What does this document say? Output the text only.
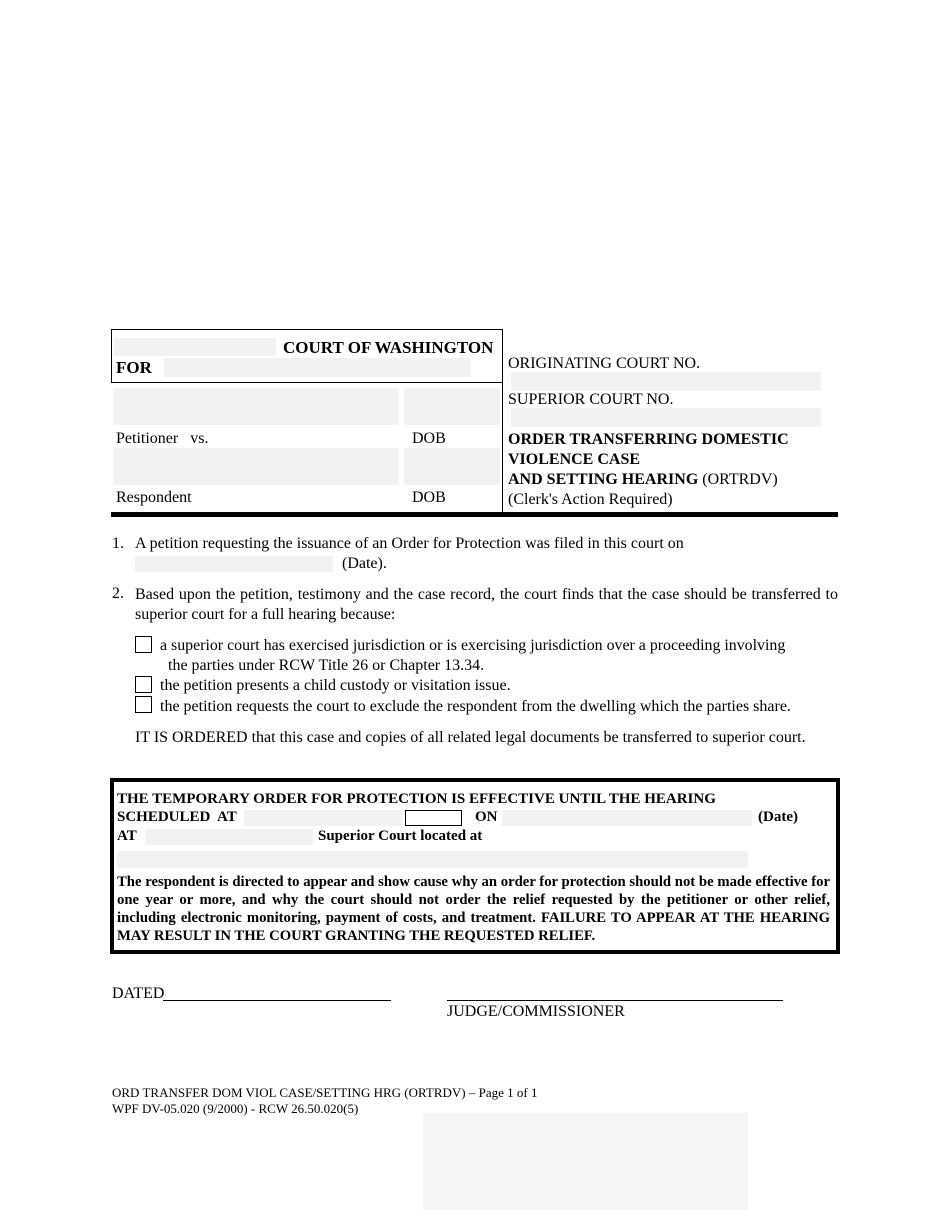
COURT OF WASHINGTON
FOR
Petitioner vs.	DOB
Respondent	DOB
ORIGINATING COURT NO.
SUPERIOR COURT NO.
ORDER TRANSFERRING DOMESTIC
VIOLENCE CASE
AND SETTING HEARING (ORTRDV)
(Clerk's Action Required)
1. A petition requesting the issuance of an Order for Protection was filed in this court on
(Date).
2. Based upon the petition, testimony and the case record, the court finds that the case should be transferred to superior court for a full hearing because:
a superior court has exercised jurisdiction or is exercising jurisdiction over a proceeding involving
the parties under RCW Title 26 or Chapter 13.34.
the petition presents a child custody or visitation issue.
the petition requests the court to exclude the respondent from the dwelling which the parties share.
IT IS ORDERED that this case and copies of all related legal documents be transferred to superior court.
THE TEMPORARY ORDER FOR PROTECTION IS EFFECTIVE UNTIL THE HEARING
SCHEDULED  AT	ON	(Date)
AT	Superior Court located at
The respondent is directed to appear and show cause why an order for protection should not be made effective for one year or more, and why the court should not order the relief requested by the petitioner or other relief, including electronic monitoring, payment of costs, and treatment. FAILURE TO APPEAR AT THE HEARING MAY RESULT IN THE COURT GRANTING THE REQUESTED RELIEF.
DATED
JUDGE/COMMISSIONER
ORD TRANSFER DOM VIOL CASE/SETTING HRG (ORTRDV) – Page 1 of 1
WPF DV-05.020 (9/2000) - RCW 26.50.020(5)
